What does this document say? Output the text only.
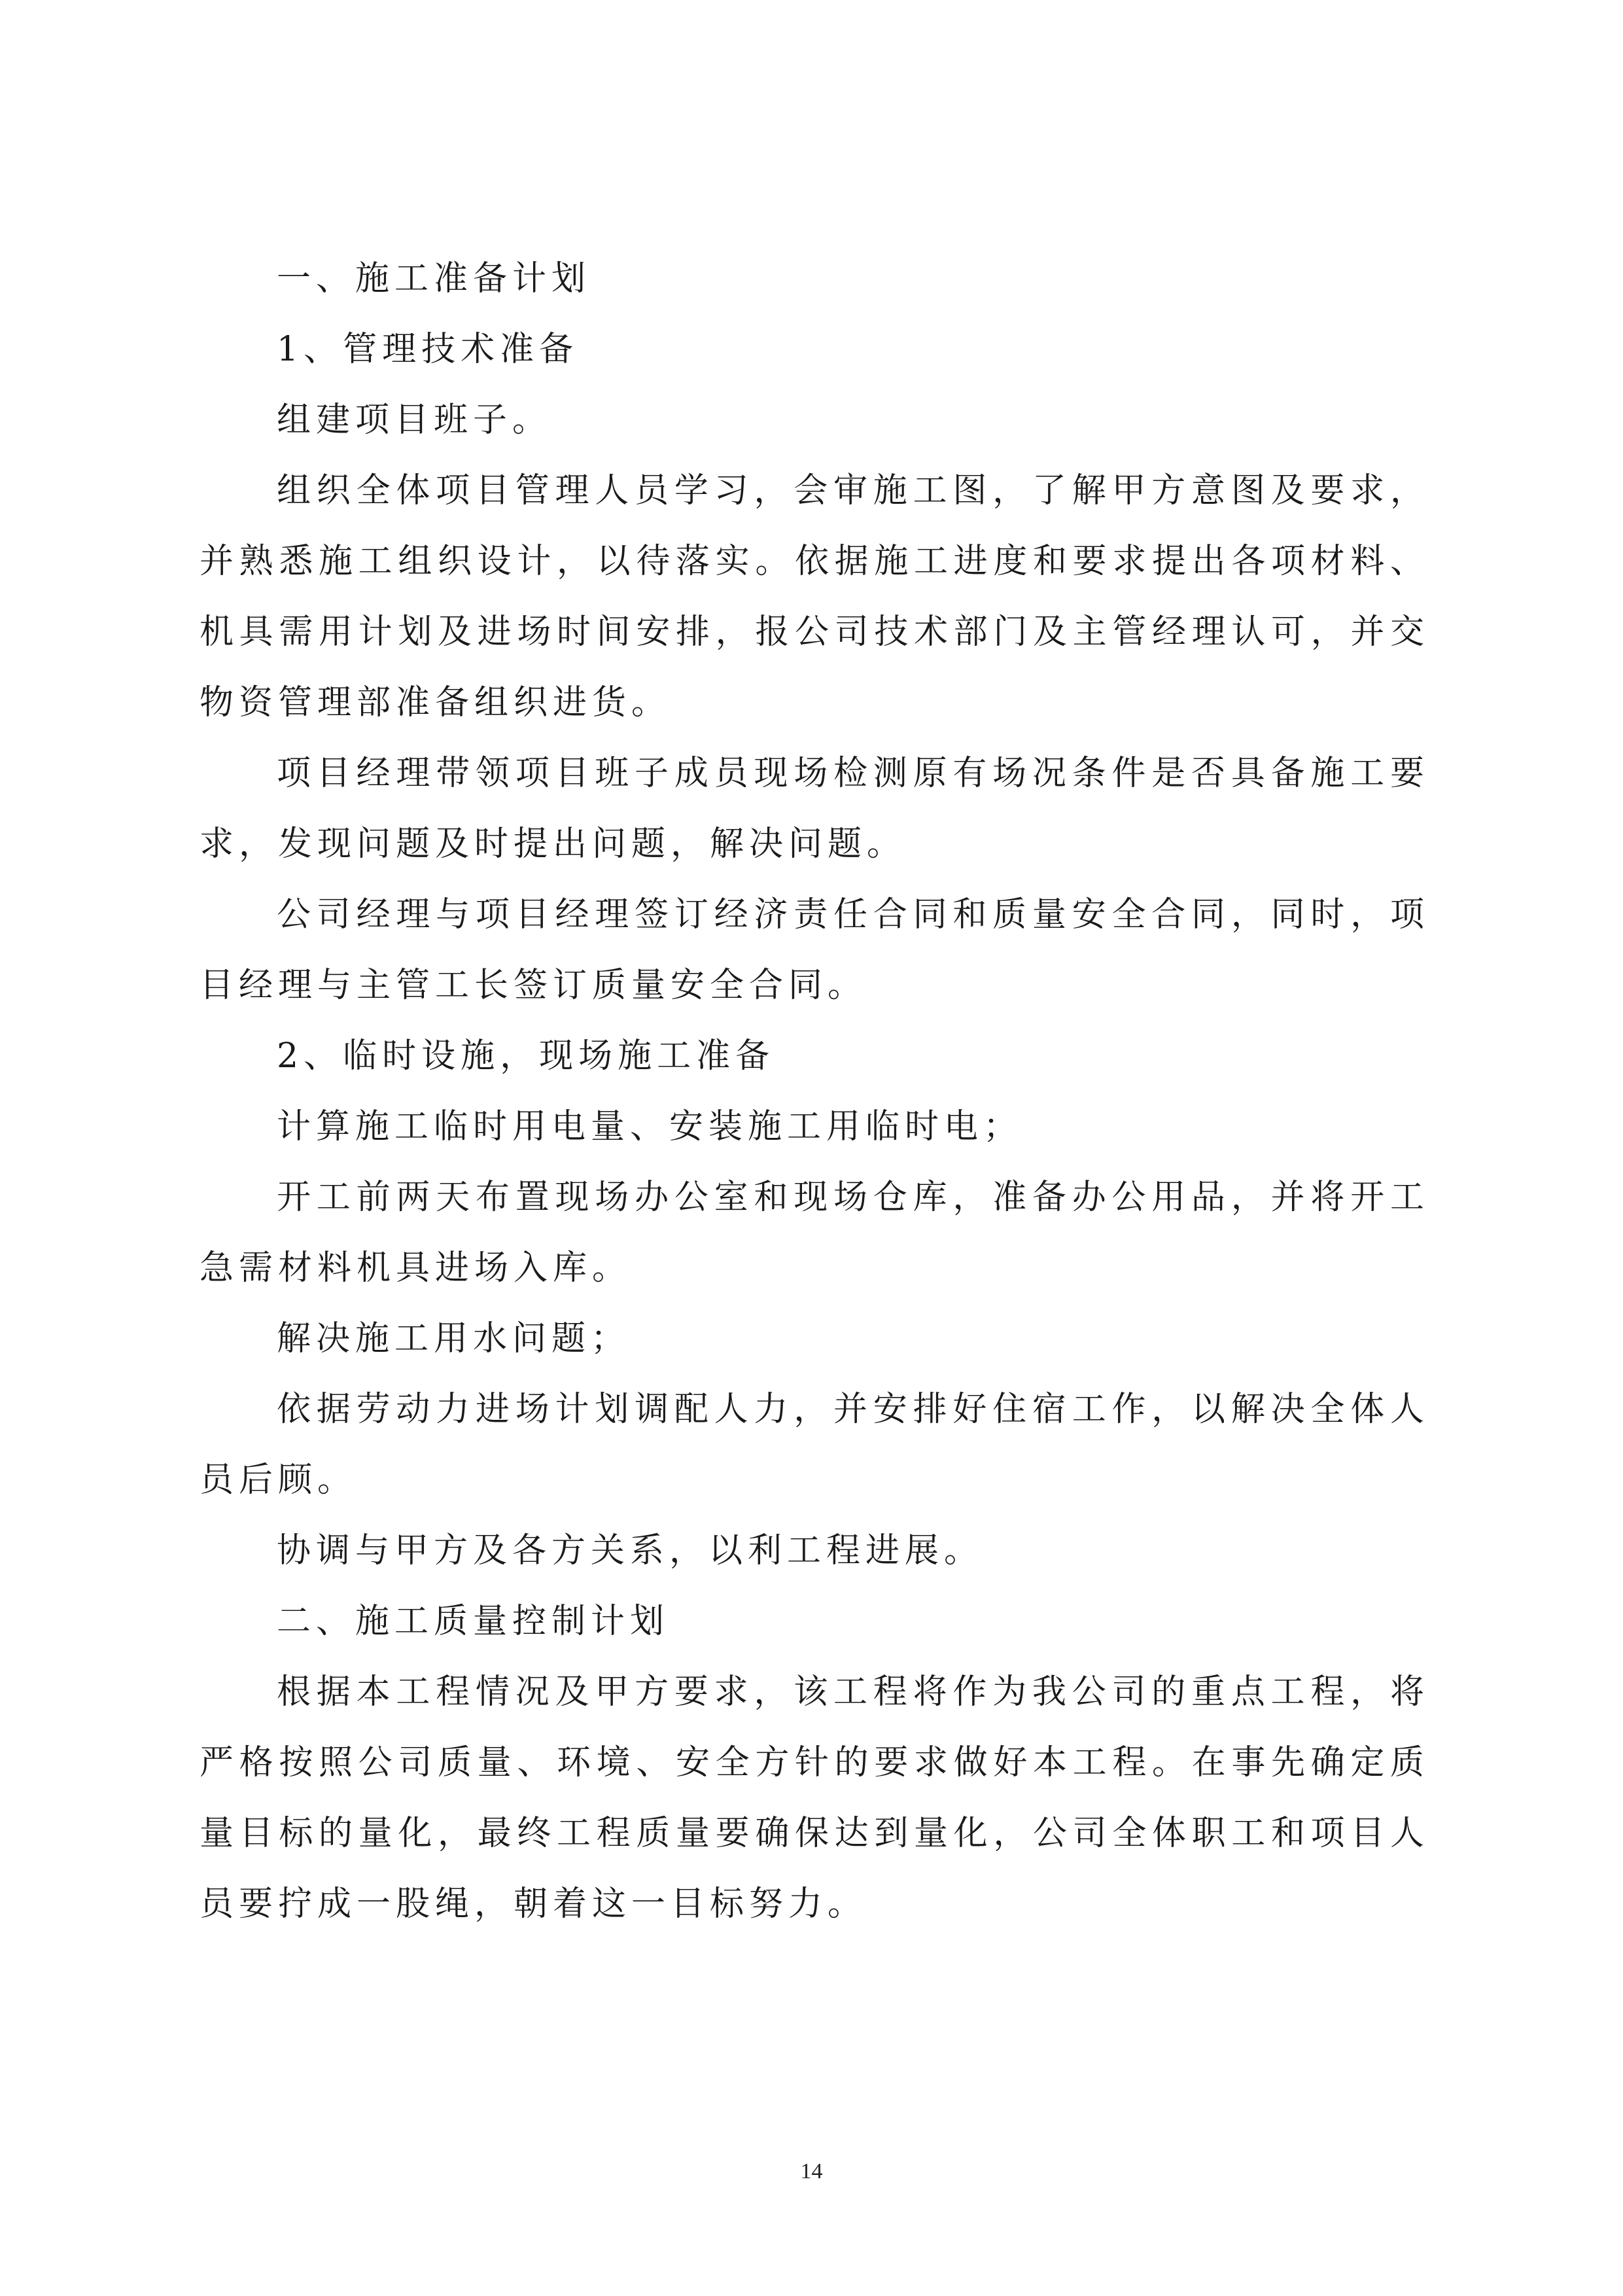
一、施工准备计划

1、管理技术准备

组建项目班子。

组织全体项目管理人员学习，会审施工图，了解甲方意图及要求，并熟悉施工组织设计，以待落实。依据施工进度和要求提出各项材料、机具需用计划及进场时间安排，报公司技术部门及主管经理认可，并交物资管理部准备组织进货。

项目经理带领项目班子成员现场检测原有场况条件是否具备施工要求，发现问题及时提出问题，解决问题。

公司经理与项目经理签订经济责任合同和质量安全合同，同时，项目经理与主管工长签订质量安全合同。

2、临时设施，现场施工准备

计算施工临时用电量、安装施工用临时电；

开工前两天布置现场办公室和现场仓库，准备办公用品，并将开工急需材料机具进场入库。

解决施工用水问题；

依据劳动力进场计划调配人力，并安排好住宿工作，以解决全体人员后顾。

协调与甲方及各方关系，以利工程进展。

二、施工质量控制计划

根据本工程情况及甲方要求，该工程将作为我公司的重点工程，将严格按照公司质量、环境、安全方针的要求做好本工程。在事先确定质量目标的量化，最终工程质量要确保达到量化，公司全体职工和项目人员要拧成一股绳，朝着这一目标努力。

14
